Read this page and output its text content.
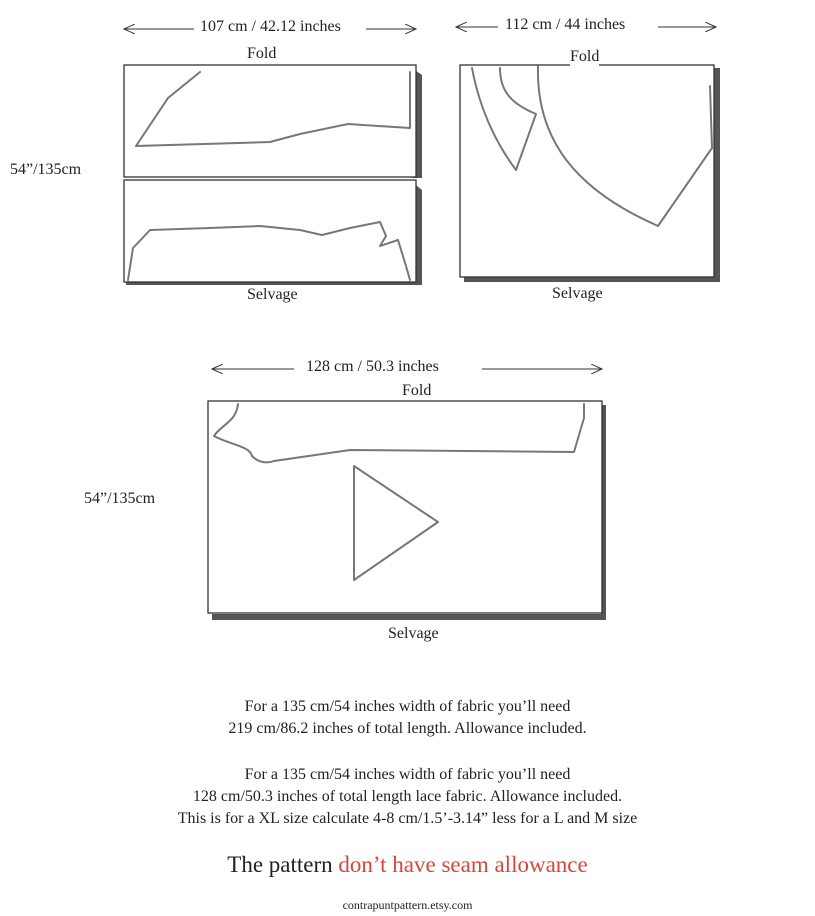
107 cm / 42.12 inches
Fold
Selvage
54”/135cm
112 cm / 44 inches
Fold
Selvage
128 cm / 50.3 inches
Fold
Selvage
54”/135cm
For a 135 cm/54 inches width of fabric you’ll need
219 cm/86.2 inches of total length. Allowance included.
For a 135 cm/54 inches width of fabric you’ll need
128 cm/50.3 inches of total length lace fabric. Allowance included.
This is for a XL size calculate 4-8 cm/1.5’-3.14” less for a L and M size
The pattern don’t have seam allowance
contrapuntpattern.etsy.com
